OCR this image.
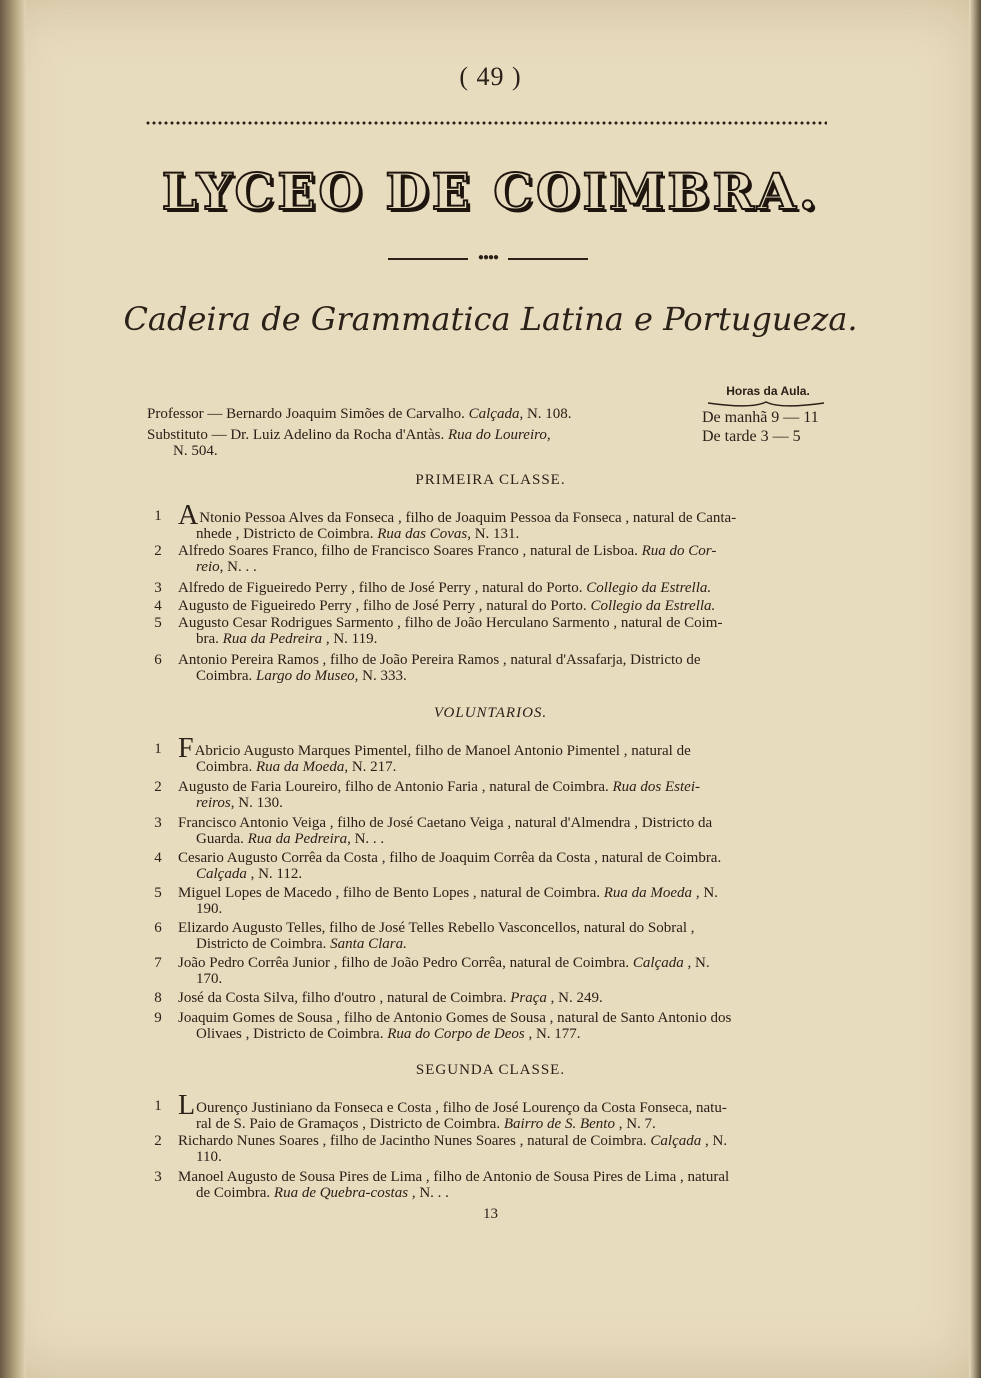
( 49 )
LYCEO DE COIMBRA.
●●●●
Cadeira de Grammatica Latina e Portugueza.
Horas da Aula.
Professor — Bernardo Joaquim Simões de Carvalho. Calçada, N. 108.
Substituto — Dr. Luiz Adelino da Rocha d'Antàs. Rua do Loureiro,
N. 504.
De manhã 9 — 11
De tarde 3 — 5
PRIMEIRA CLASSE.
1 ANtonio Pessoa Alves da Fonseca , filho de Joaquim Pessoa da Fonseca , natural de Canta-
nhede , Districto de Coimbra. Rua das Covas, N. 131.
2 Alfredo Soares Franco, filho de Francisco Soares Franco , natural de Lisboa. Rua do Cor-
reio, N. . .
3 Alfredo de Figueiredo Perry , filho de José Perry , natural do Porto. Collegio da Estrella.
4 Augusto de Figueiredo Perry , filho de José Perry , natural do Porto. Collegio da Estrella.
5 Augusto Cesar Rodrigues Sarmento , filho de João Herculano Sarmento , natural de Coim-
bra. Rua da Pedreira , N. 119.
6 Antonio Pereira Ramos , filho de João Pereira Ramos , natural d'Assafarja, Districto de
Coimbra. Largo do Museo, N. 333.
VOLUNTARIOS.
1 FAbricio Augusto Marques Pimentel, filho de Manoel Antonio Pimentel , natural de
Coimbra. Rua da Moeda, N. 217.
2 Augusto de Faria Loureiro, filho de Antonio Faria , natural de Coimbra. Rua dos Estei-
reiros, N. 130.
3 Francisco Antonio Veiga , filho de José Caetano Veiga , natural d'Almendra , Districto da
Guarda. Rua da Pedreira, N. . .
4 Cesario Augusto Corrêa da Costa , filho de Joaquim Corrêa da Costa , natural de Coimbra.
Calçada , N. 112.
5 Miguel Lopes de Macedo , filho de Bento Lopes , natural de Coimbra. Rua da Moeda , N.
190.
6 Elizardo Augusto Telles, filho de José Telles Rebello Vasconcellos, natural do Sobral ,
Districto de Coimbra. Santa Clara.
7 João Pedro Corrêa Junior , filho de João Pedro Corrêa, natural de Coimbra. Calçada , N.
170.
8 José da Costa Silva, filho d'outro , natural de Coimbra. Praça , N. 249.
9 Joaquim Gomes de Sousa , filho de Antonio Gomes de Sousa , natural de Santo Antonio dos
Olivaes , Districto de Coimbra. Rua do Corpo de Deos , N. 177.
SEGUNDA CLASSE.
1 LOurenço Justiniano da Fonseca e Costa , filho de José Lourenço da Costa Fonseca, natu-
ral de S. Paio de Gramaços , Districto de Coimbra. Bairro de S. Bento , N. 7.
2 Richardo Nunes Soares , filho de Jacintho Nunes Soares , natural de Coimbra. Calçada , N.
110.
3 Manoel Augusto de Sousa Pires de Lima , filho de Antonio de Sousa Pires de Lima , natural
de Coimbra. Rua de Quebra-costas , N. . .
13
